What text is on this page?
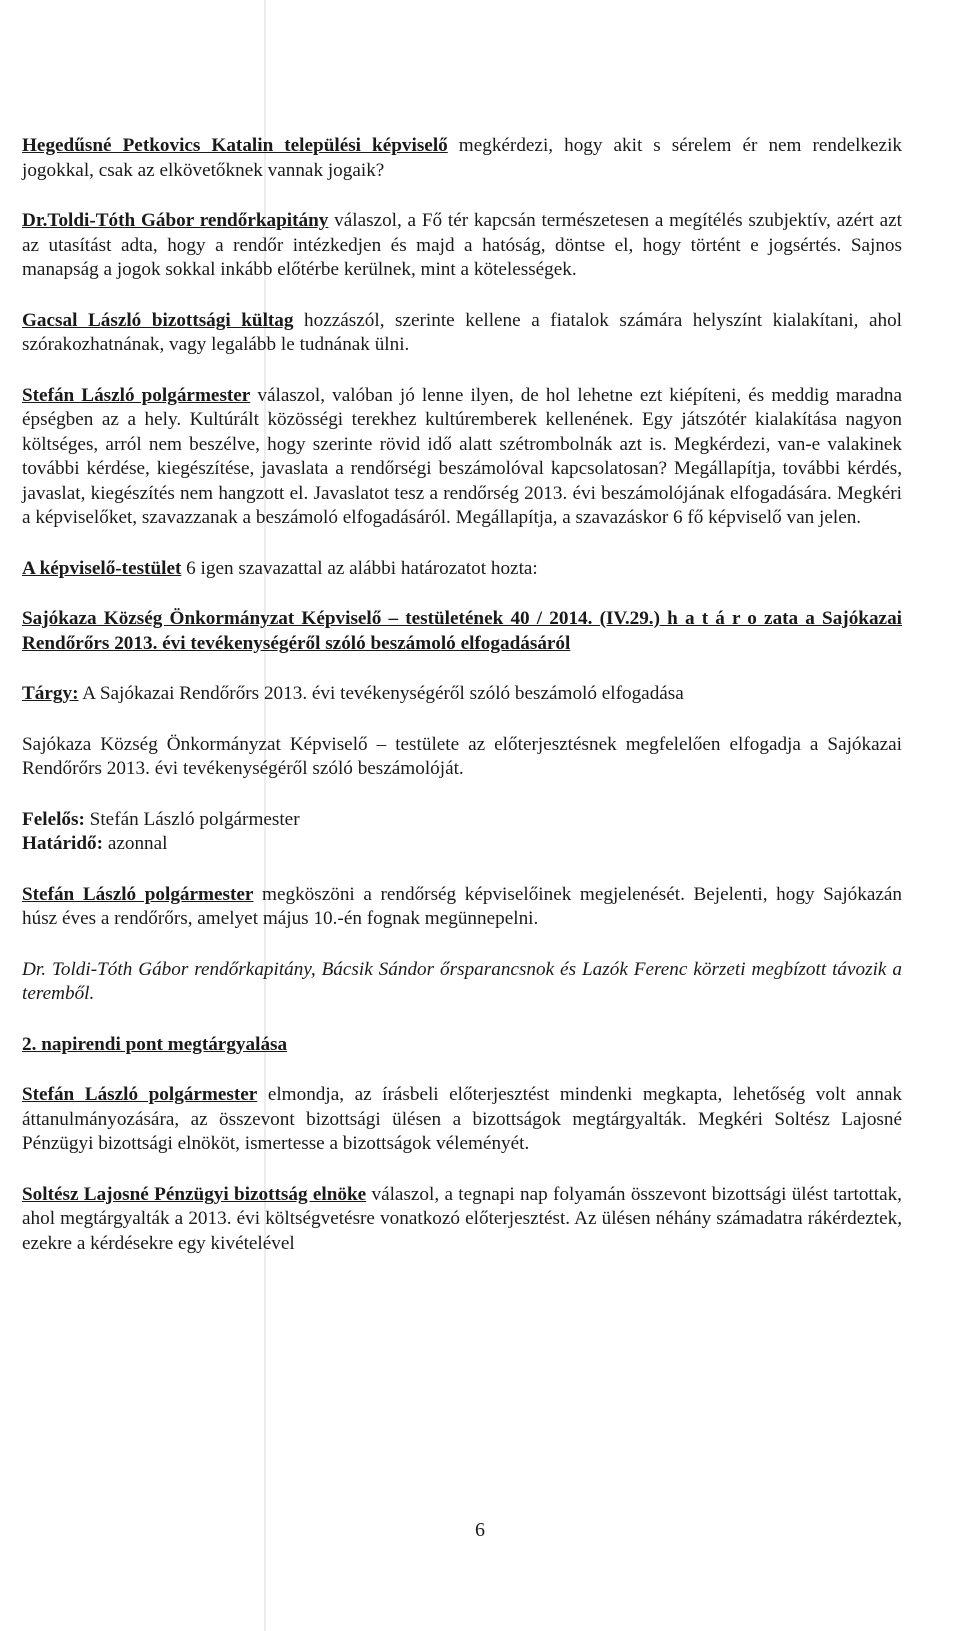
Hegedűsné Petkovics Katalin települési képviselő megkérdezi, hogy akit s sérelem ér nem rendelkezik jogokkal, csak az elkövetőknek vannak jogaik?

Dr.Toldi-Tóth Gábor rendőrkapitány válaszol, a Fő tér kapcsán természetesen a megítélés szubjektív, azért azt az utasítást adta, hogy a rendőr intézkedjen és majd a hatóság, döntse el, hogy történt e jogsértés. Sajnos manapság a jogok sokkal inkább előtérbe kerülnek, mint a kötelességek.

Gacsal László bizottsági kültag hozzászól, szerinte kellene a fiatalok számára helyszínt kialakítani, ahol szórakozhatnának, vagy legalább le tudnának ülni.

Stefán László polgármester válaszol, valóban jó lenne ilyen, de hol lehetne ezt kiépíteni, és meddig maradna épségben az a hely. Kultúrált közösségi terekhez kultúremberek kellenének. Egy játszótér kialakítása nagyon költséges, arról nem beszélve, hogy szerinte rövid idő alatt szétrombolnák azt is. Megkérdezi, van-e valakinek további kérdése, kiegészítése, javaslata a rendőrségi beszámolóval kapcsolatosan? Megállapítja, további kérdés, javaslat, kiegészítés nem hangzott el. Javaslatot tesz a rendőrség 2013. évi beszámolójának elfogadására. Megkéri a képviselőket, szavazzanak a beszámoló elfogadásáról. Megállapítja, a szavazáskor 6 fő képviselő van jelen.

A képviselő-testület 6 igen szavazattal az alábbi határozatot hozta:

Sajókaza Község Önkormányzat Képviselő – testületének 40 / 2014. (IV.29.) h a t á r o zata a Sajókazai Rendőrőrs 2013. évi tevékenységéről szóló beszámoló elfogadásáról

Tárgy: A Sajókazai Rendőrőrs 2013. évi tevékenységéről szóló beszámoló elfogadása

Sajókaza Község Önkormányzat Képviselő – testülete az előterjesztésnek megfelelően elfogadja a Sajókazai Rendőrőrs 2013. évi tevékenységéről szóló beszámolóját.

Felelős: Stefán László polgármester
Határidő: azonnal

Stefán László polgármester megköszöni a rendőrség képviselőinek megjelenését. Bejelenti, hogy Sajókazán húsz éves a rendőrőrs, amelyet május 10.-én fognak megünnepelni.

Dr. Toldi-Tóth Gábor rendőrkapitány, Bácsik Sándor őrsparancsnok és Lazók Ferenc körzeti megbízott távozik a teremből.

2. napirendi pont megtárgyalása

Stefán László polgármester elmondja, az írásbeli előterjesztést mindenki megkapta, lehetőség volt annak áttanulmányozására, az összevont bizottsági ülésen a bizottságok megtárgyalták. Megkéri Soltész Lajosné Pénzügyi bizottsági elnököt, ismertesse a bizottságok véleményét.

Soltész Lajosné Pénzügyi bizottság elnöke válaszol, a tegnapi nap folyamán összevont bizottsági ülést tartottak, ahol megtárgyalták a 2013. évi költségvetésre vonatkozó előterjesztést. Az ülésen néhány számadatra rákérdeztek, ezekre a kérdésekre egy kivételével

6
